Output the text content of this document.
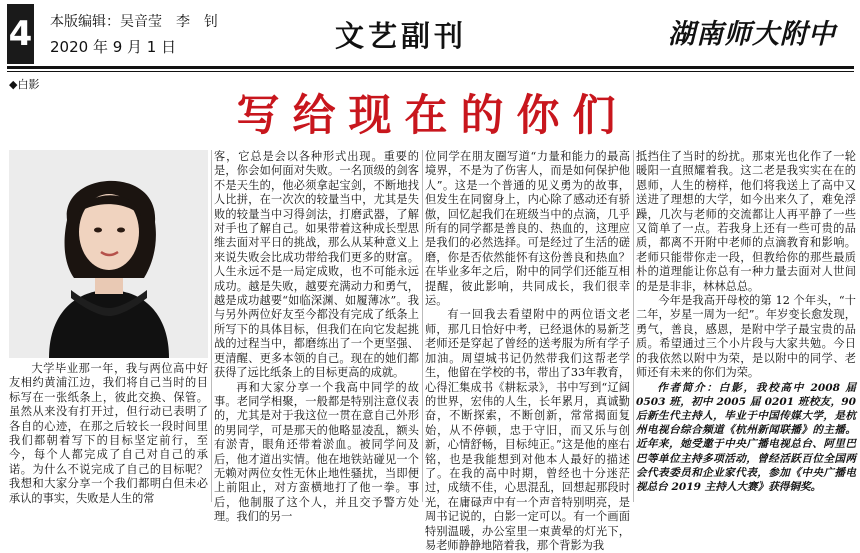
4 本版编辑：吴音莹　李　钊
2020 年 9 月 1 日	文艺副刊	湖南师大附中
◆白影
写给现在的你们

大学毕业那一年，我与两位高中好友相约黄浦江边，我们将自己当时的目标写在一张纸条上，彼此交换、保管。虽然从来没有打开过，但行动已表明了各自的心迹，在那之后较长一段时间里我们都朝着写下的目标坚定前行，至今，每个人都完成了自己对自己的承诺。为什么不说完成了自己的目标呢？我想和大家分享一个我们都明白但未必承认的事实，失败是人生的常

客，它总是会以各种形式出现。重要的是，你会如何面对失败。一名顶级的剑客不是天生的，他必须拿起宝剑，不断地找人比拼，在一次次的较量当中，尤其是失败的较量当中习得剑法，打磨武器，了解对手也了解自己。如果带着这种成长型思维去面对平日的挑战，那么从某种意义上来说失败会比成功带给我们更多的财富。人生永远不是一局定成败，也不可能永远成功。越是失败，越要充满动力和勇气，越是成功越要“如临深渊、如履薄冰”。我与另外两位好友至今都没有完成了纸条上所写下的具体目标，但我们在向它发起挑战的过程当中，都磨练出了一个更坚强、更清醒、更多本领的自己。现在的她们都获得了远比纸条上的目标更高的成就。

再和大家分享一个我高中同学的故事。老同学相聚，一般都是特别注意仪表的，尤其是对于我这位一贯在意自己外形的男同学，可是那天的他略显凌乱，额头有淤青，眼角还带着淤血。被同学问及后，他才道出实情。他在地铁站碰见一个无赖对两位女性无休止地性骚扰，当即便上前阻止，对方蛮横地打了他一拳。事后，他制服了这个人，并且交予警方处理。我们的另一

位同学在朋友圈写道“力量和能力的最高境界，不是为了伤害人，而是如何保护他人”。这是一个普通的见义勇为的故事，但发生在同窗身上，内心除了感动还有骄傲，回忆起我们在班级当中的点滴，几乎所有的同学都是善良的、热血的，这理应是我们的必然选择。可是经过了生活的磋磨，你是否依然能怀有这份善良和热血？在毕业多年之后，附中的同学们还能互相提醒，彼此影响，共同成长，我们很幸运。

有一回我去看望附中的两位语文老师，那几日恰好中考，已经退休的易新芝老师还是穿起了曾经的送考服为所有学子加油。周望城书记仍然带我们这帮老学生，他留在学校的书，带出了33年教育，心得汇集成书《耕耘录》，书中写到“辽阔的世界，宏伟的人生，长年累月，真诚勤奋，不断探索，不断创新，常常揭面复始，从不停顿，忠于守旧，而又乐与创新，心情舒畅，目标纯正。”这是他的座右铭，也是我能想到对他本人最好的描述了。在我的高中时期，曾经也十分迷茫过，成绩不佳，心思混乱，回想起那段时光，在庸碌声中有一个声音特别明亮，是周书记说的，白影一定可以。有一个画面特别温暖，办公室里一束黄晕的灯光下，易老师静静地陪着我，那个背影为我

抵挡住了当时的纷扰。那束光也化作了一轮暖阳一直照耀着我。这二老是我实实在在的恩师，人生的榜样，他们将我送上了高中又送进了理想的大学，如今出来久了，难免浮躁，几次与老师的交流都让人再平静了一些又简单了一点。若我身上还有一些可贵的品质，都离不开附中老师的点滴教育和影响。老师只能带你走一段，但教给你的那些最质朴的道理能让你总有一种力量去面对人世间的是是非非，林林总总。

今年是我高开母校的第 12 个年头，“十二年，岁星一周为一纪”。年岁变长愈发现，勇气，善良，感恩，是附中学子最宝贵的品质。希望通过三个小片段与大家共勉。今日的我依然以附中为荣，是以附中的同学、老师还有未来的你们为荣。

作者简介：白影，我校高中 2008 届 0503 班，初中 2005 届 0201 班校友，90 后新生代主持人，毕业于中国传媒大学，是杭州电视台综合频道《杭州新闻联播》的主播。近年来，她受邀于中央广播电视总台、阿里巴巴等单位主持多项活动，曾经活跃百位全国两会代表委员和企业家代表，参加《中央广播电视总台 2019 主持人大赛》获得铜奖。
